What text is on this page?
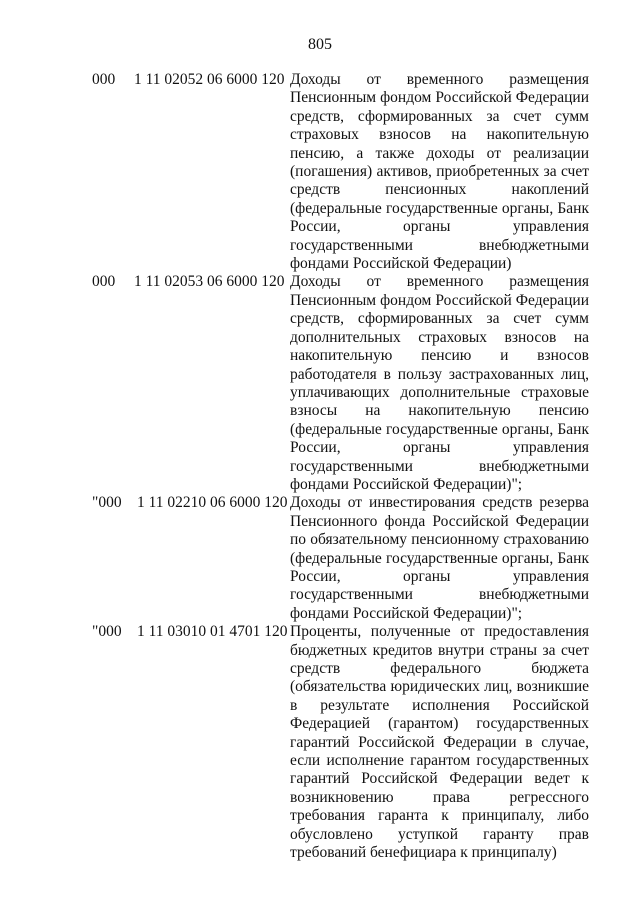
805
000 1 11 02052 06 6000 120 Доходы от временного размещения Пенсионным фондом Российской Федерации средств, сформированных за счет сумм страховых взносов на накопительную пенсию, а также доходы от реализации (погашения) активов, приобретенных за счет средств пенсионных накоплений (федеральные государственные органы, Банк России, органы управления государственными внебюджетными фондами Российской Федерации)
000 1 11 02053 06 6000 120 Доходы от временного размещения Пенсионным фондом Российской Федерации средств, сформированных за счет сумм дополнительных страховых взносов на накопительную пенсию и взносов работодателя в пользу застрахованных лиц, уплачивающих дополнительные страховые взносы на накопительную пенсию (федеральные государственные органы, Банк России, органы управления государственными внебюджетными фондами Российской Федерации)";
"000 1 11 02210 06 6000 120 Доходы от инвестирования средств резерва Пенсионного фонда Российской Федерации по обязательному пенсионному страхованию (федеральные государственные органы, Банк России, органы управления государственными внебюджетными фондами Российской Федерации)";
"000 1 11 03010 01 4701 120 Проценты, полученные от предоставления бюджетных кредитов внутри страны за счет средств федерального бюджета (обязательства юридических лиц, возникшие в результате исполнения Российской Федерацией (гарантом) государственных гарантий Российской Федерации в случае, если исполнение гарантом государственных гарантий Российской Федерации ведет к возникновению права регрессного требования гаранта к принципалу, либо обусловлено уступкой гаранту прав требований бенефициара к принципалу)
